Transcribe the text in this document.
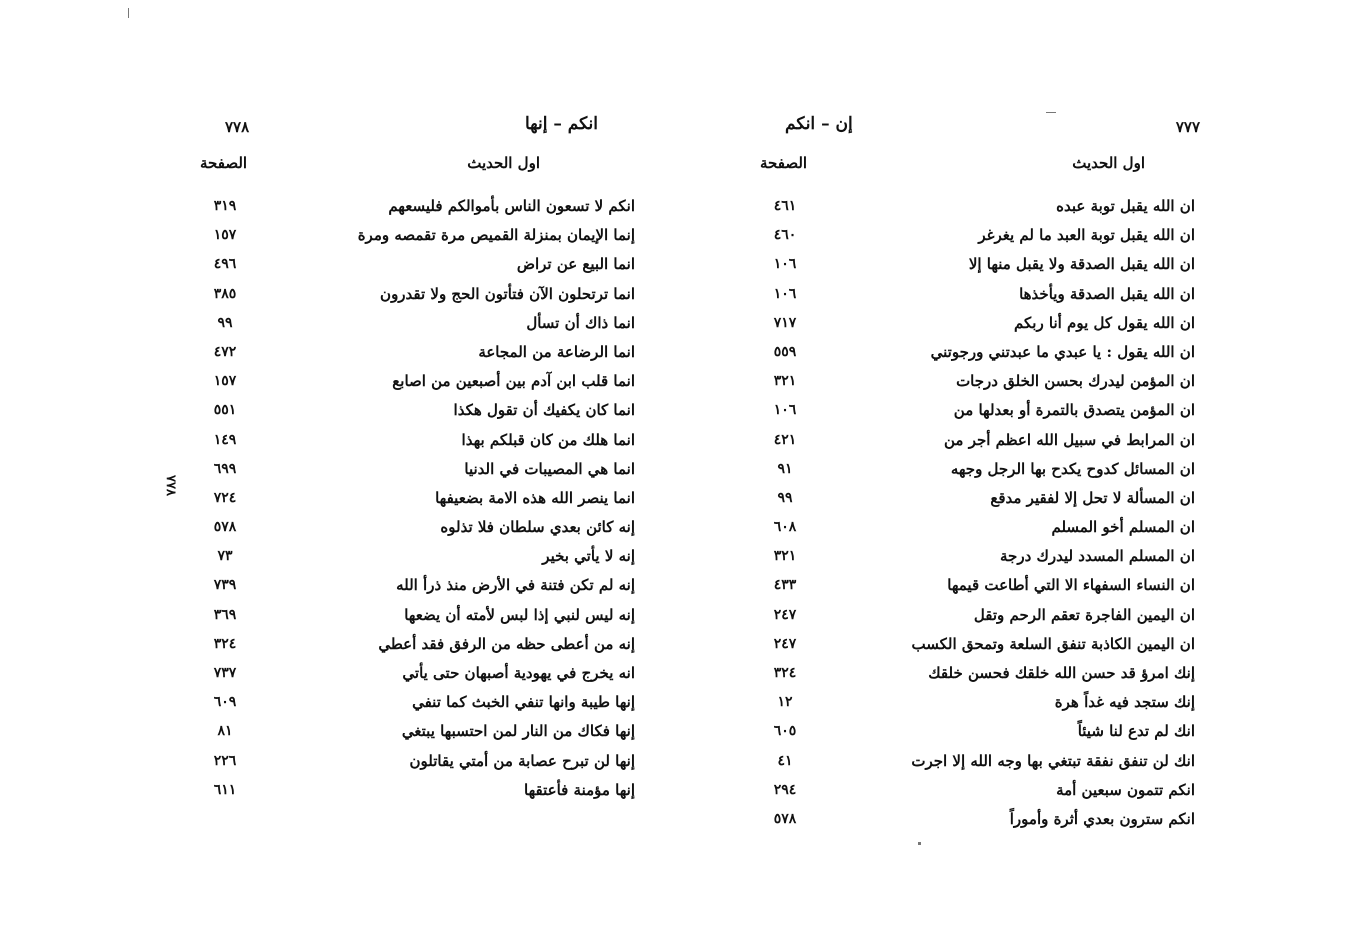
٧٧٧
إن – انكم
اول الحديث
الصفحة
ان الله يقبل توبة عبده
٤٦١
ان الله يقبل توبة العبد ما لم يغرغر
٤٦٠
ان الله يقبل الصدقة ولا يقبل منها إلا
١٠٦
ان الله يقبل الصدقة ويأخذها
١٠٦
ان الله يقول كل يوم أنا ربكم
٧١٧
ان الله يقول : يا عبدي ما عبدتني ورجوتني
٥٥٩
ان المؤمن ليدرك بحسن الخلق درجات
٣٢١
ان المؤمن يتصدق بالتمرة أو بعدلها من
١٠٦
ان المرابط في سبيل الله اعظم أجر من
٤٢١
ان المسائل كدوح يكدح بها الرجل وجهه
٩١
ان المسألة لا تحل إلا لفقير مدقع
٩٩
ان المسلم أخو المسلم
٦٠٨
ان المسلم المسدد ليدرك درجة
٣٢١
ان النساء السفهاء الا التي أطاعت قيمها
٤٣٣
ان اليمين الفاجرة تعقم الرحم وتقل
٢٤٧
ان اليمين الكاذبة تنفق السلعة وتمحق الكسب
٢٤٧
إنك امرؤ قد حسن الله خلقك فحسن خلقك
٣٢٤
إنك ستجد فيه غداً هرة
١٢
انك لم تدع لنا شيئاً
٦٠٥
انك لن تنفق نفقة تبتغي بها وجه الله إلا اجرت
٤١
انكم تتمون سبعين أمة
٢٩٤
انكم سترون بعدي أثرة وأموراً
٥٧٨
٧٧٨	انكم – إنها
اول الحديث
الصفحة
انكم لا تسعون الناس بأموالكم فليسعهم
٣١٩
إنما الإيمان بمنزلة القميص مرة تقمصه ومرة
١٥٧
انما البيع عن تراض
٤٩٦
انما ترتحلون الآن فتأتون الحج ولا تقدرون
٣٨٥
انما ذاك أن تسأل
٩٩
انما الرضاعة من المجاعة
٤٧٢
انما قلب ابن آدم بين أصبعين من اصابع
١٥٧
انما كان يكفيك أن تقول هكذا
٥٥١
انما هلك من كان قبلكم بهذا
١٤٩
انما هي المصيبات في الدنيا
٦٩٩
انما ينصر الله هذه الامة بضعيفها
٧٢٤
إنه كائن بعدي سلطان فلا تذلوه
٥٧٨
إنه لا يأتي بخير
٧٣
إنه لم تكن فتنة في الأرض منذ ذرأ الله
٧٣٩
إنه ليس لنبي إذا لبس لأمته أن يضعها
٣٦٩
إنه من أعطى حظه من الرفق فقد أعطي
٣٢٤
انه يخرج في يهودية أصبهان حتى يأتي
٧٣٧
إنها طيبة وانها تنفي الخبث كما تنفي
٦٠٩
إنها فكاك من النار لمن احتسبها يبتغي
٨١
إنها لن تبرح عصابة من أمتي يقاتلون
٢٢٦
إنها مؤمنة فأعتقها
٦١١
٧٧٨
